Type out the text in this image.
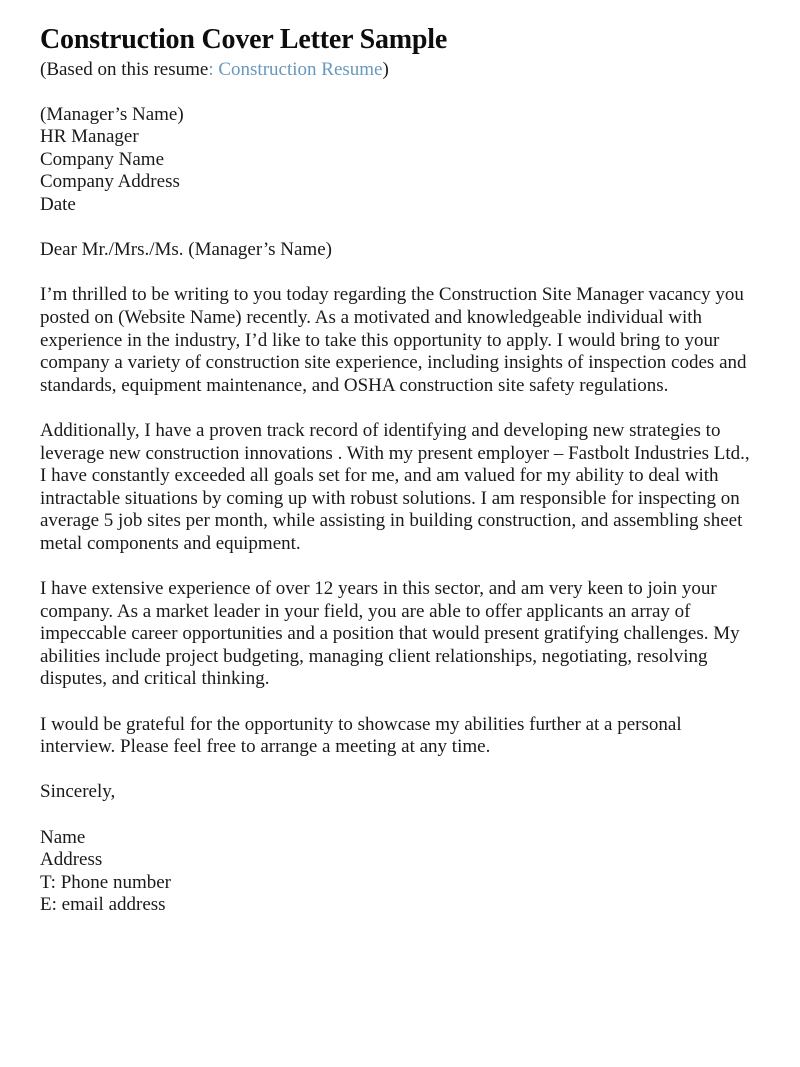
Construction Cover Letter Sample

(Based on this resume: Construction Resume)

(Manager’s Name)
HR Manager
Company Name
Company Address
Date

Dear Mr./Mrs./Ms. (Manager’s Name)

I’m thrilled to be writing to you today regarding the Construction Site Manager vacancy you posted on (Website Name) recently. As a motivated and knowledgeable individual with experience in the industry, I’d like to take this opportunity to apply. I would bring to your company a variety of construction site experience, including insights of inspection codes and standards, equipment maintenance, and OSHA construction site safety regulations.

Additionally, I have a proven track record of identifying and developing new strategies to leverage new construction innovations . With my present employer – Fastbolt Industries Ltd., I have constantly exceeded all goals set for me, and am valued for my ability to deal with intractable situations by coming up with robust solutions. I am responsible for inspecting on average 5 job sites per month, while assisting in building construction, and assembling sheet metal components and equipment.

I have extensive experience of over 12 years in this sector, and am very keen to join your company. As a market leader in your field, you are able to offer applicants an array of impeccable career opportunities and a position that would present gratifying challenges. My abilities include project budgeting, managing client relationships, negotiating, resolving disputes, and critical thinking.

I would be grateful for the opportunity to showcase my abilities further at a personal interview. Please feel free to arrange a meeting at any time.

Sincerely,

Name
Address
T: Phone number
E: email address
